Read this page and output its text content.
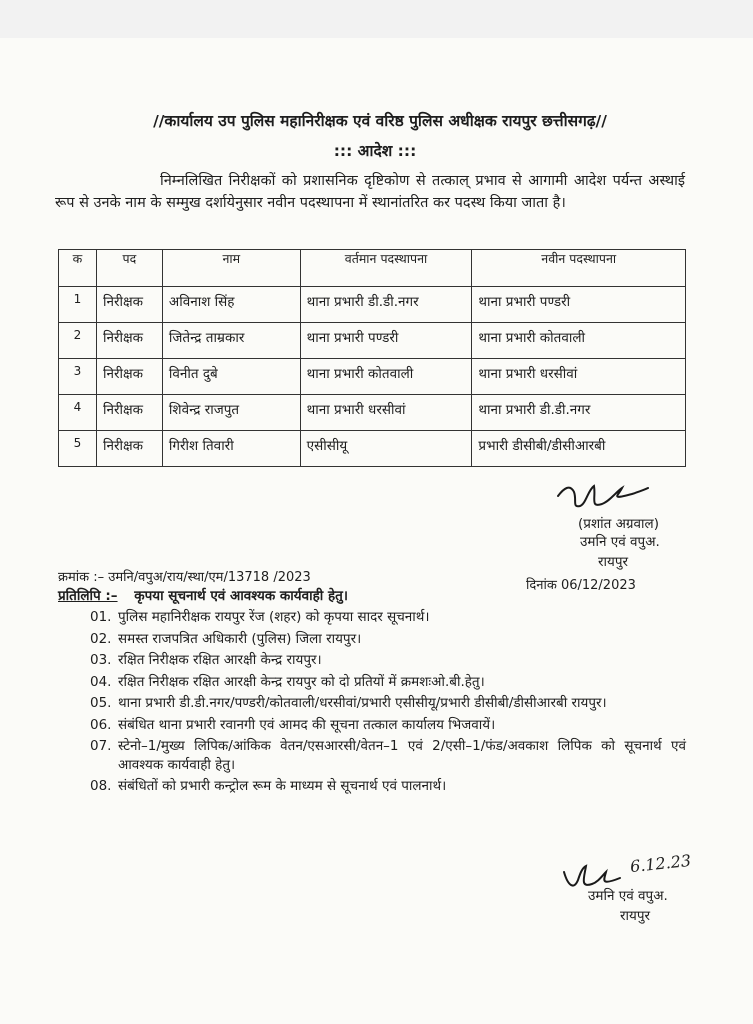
//कार्यालय उप पुलिस महानिरीक्षक एवं वरिष्ठ पुलिस अधीक्षक रायपुर छत्तीसगढ़//
::: आदेश :::

निम्नलिखित निरीक्षकों को प्रशासनिक दृष्टिकोण से तत्काल् प्रभाव से आगामी आदेश पर्यन्त अस्थाई रूप से उनके नाम के सम्मुख दर्शायेनुसार नवीन पदस्थापना में स्थानांतरित कर पदस्थ किया जाता है।

क	पद	नाम	वर्तमान पदस्थापना	नवीन पदस्थापना
1	निरीक्षक	अविनाश सिंह	थाना प्रभारी डी.डी.नगर	थाना प्रभारी पण्डरी
2	निरीक्षक	जितेन्द्र ताम्रकार	थाना प्रभारी पण्डरी	थाना प्रभारी कोतवाली
3	निरीक्षक	विनीत दुबे	थाना प्रभारी कोतवाली	थाना प्रभारी धरसीवां
4	निरीक्षक	शिवेन्द्र राजपुत	थाना प्रभारी धरसीवां	थाना प्रभारी डी.डी.नगर
5	निरीक्षक	गिरीश तिवारी	एसीसीयू	प्रभारी डीसीबी/डीसीआरबी
(प्रशांत अग्रवाल)
उमनि एवं वपुअ.
रायपुर
क्रमांक :– उमनि/वपुअ/राय/स्था/एम/13718 /2023
दिनांक 06/12/2023
प्रतिलिपि :– कृपया सूचनार्थ एवं आवश्यक कार्यवाही हेतु।
01. पुलिस महानिरीक्षक रायपुर रेंज (शहर) को कृपया सादर सूचनार्थ।
02. समस्त राजपत्रित अधिकारी (पुलिस) जिला रायपुर।
03. रक्षित निरीक्षक रक्षित आरक्षी केन्द्र रायपुर।
04. रक्षित निरीक्षक रक्षित आरक्षी केन्द्र रायपुर को दो प्रतियों में क्रमशःओ.बी.हेतु।
05. थाना प्रभारी डी.डी.नगर/पण्डरी/कोतवाली/धरसीवां/प्रभारी एसीसीयू/प्रभारी डीसीबी/डीसीआरबी रायपुर।
06. संबंधित थाना प्रभारी रवानगी एवं आमद की सूचना तत्काल कार्यालय भिजवायें।
07. स्टेनो–1/मुख्य लिपिक/आंकिक वेतन/एसआरसी/वेतन–1 एवं 2/एसी–1/फंड/अवकाश लिपिक को सूचनार्थ एवं आवश्यक कार्यवाही हेतु।
08. संबंधितों को प्रभारी कन्ट्रोल रूम के माध्यम से सूचनार्थ एवं पालनार्थ।
6.12.23
उमनि एवं वपुअ.
रायपुर
